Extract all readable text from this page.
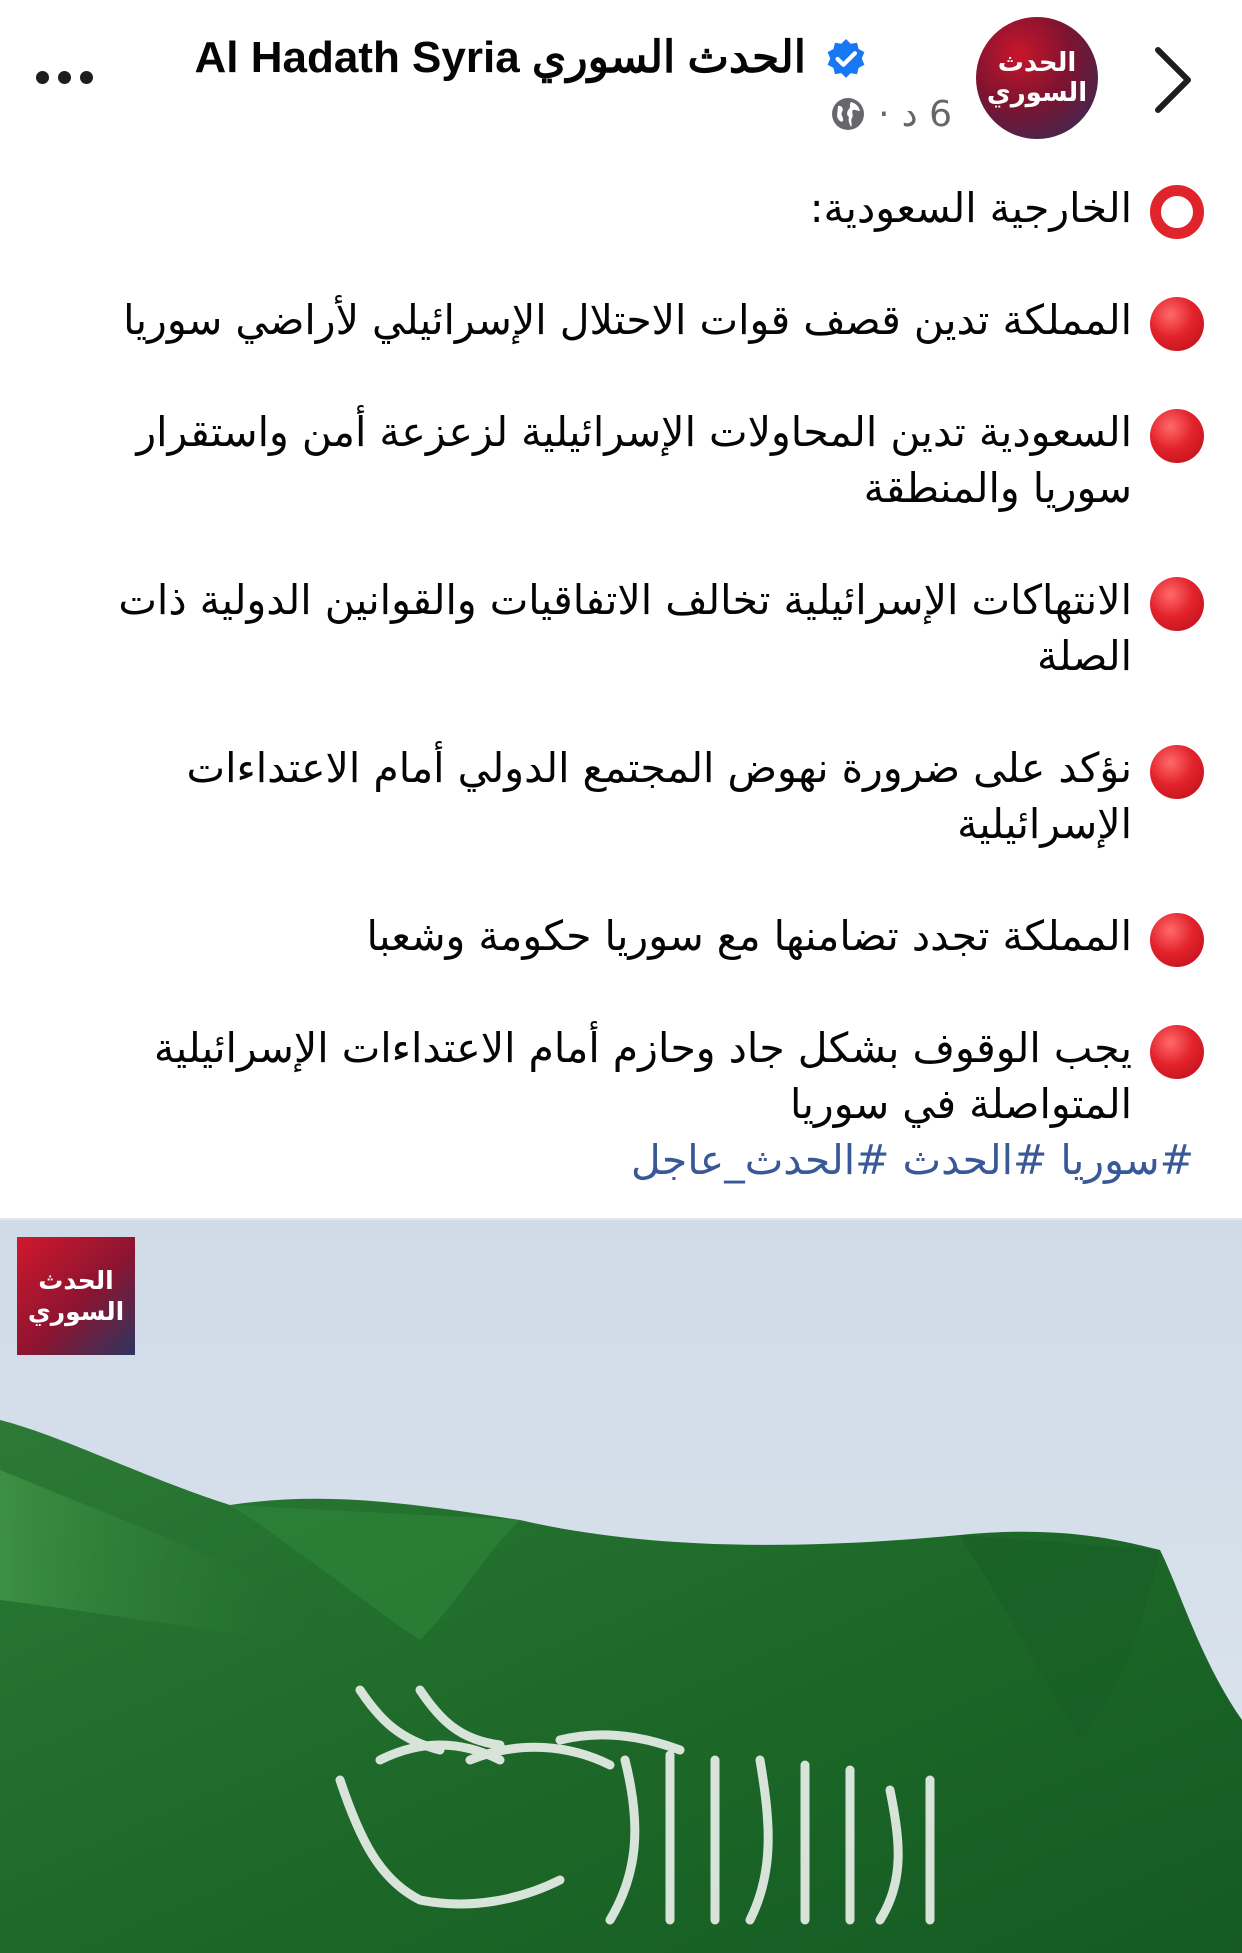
الحدث السوري Al Hadath Syria
· 6 د
الحدث
السوري
الخارجية السعودية:
المملكة تدين قصف قوات الاحتلال الإسرائيلي لأراضي سوريا
السعودية تدين المحاولات الإسرائيلية لزعزعة أمن واستقرار سوريا والمنطقة
الانتهاكات الإسرائيلية تخالف الاتفاقيات والقوانين الدولية ذات الصلة
نؤكد على ضرورة نهوض المجتمع الدولي أمام الاعتداءات الإسرائيلية
المملكة تجدد تضامنها مع سوريا حكومة وشعبا
يجب الوقوف بشكل جاد وحازم أمام الاعتداءات الإسرائيلية المتواصلة في سوريا
#سوريا #الحدث #الحدث_عاجل
لا إله إلا الله محمد رسول الله
الحدث
السوري
